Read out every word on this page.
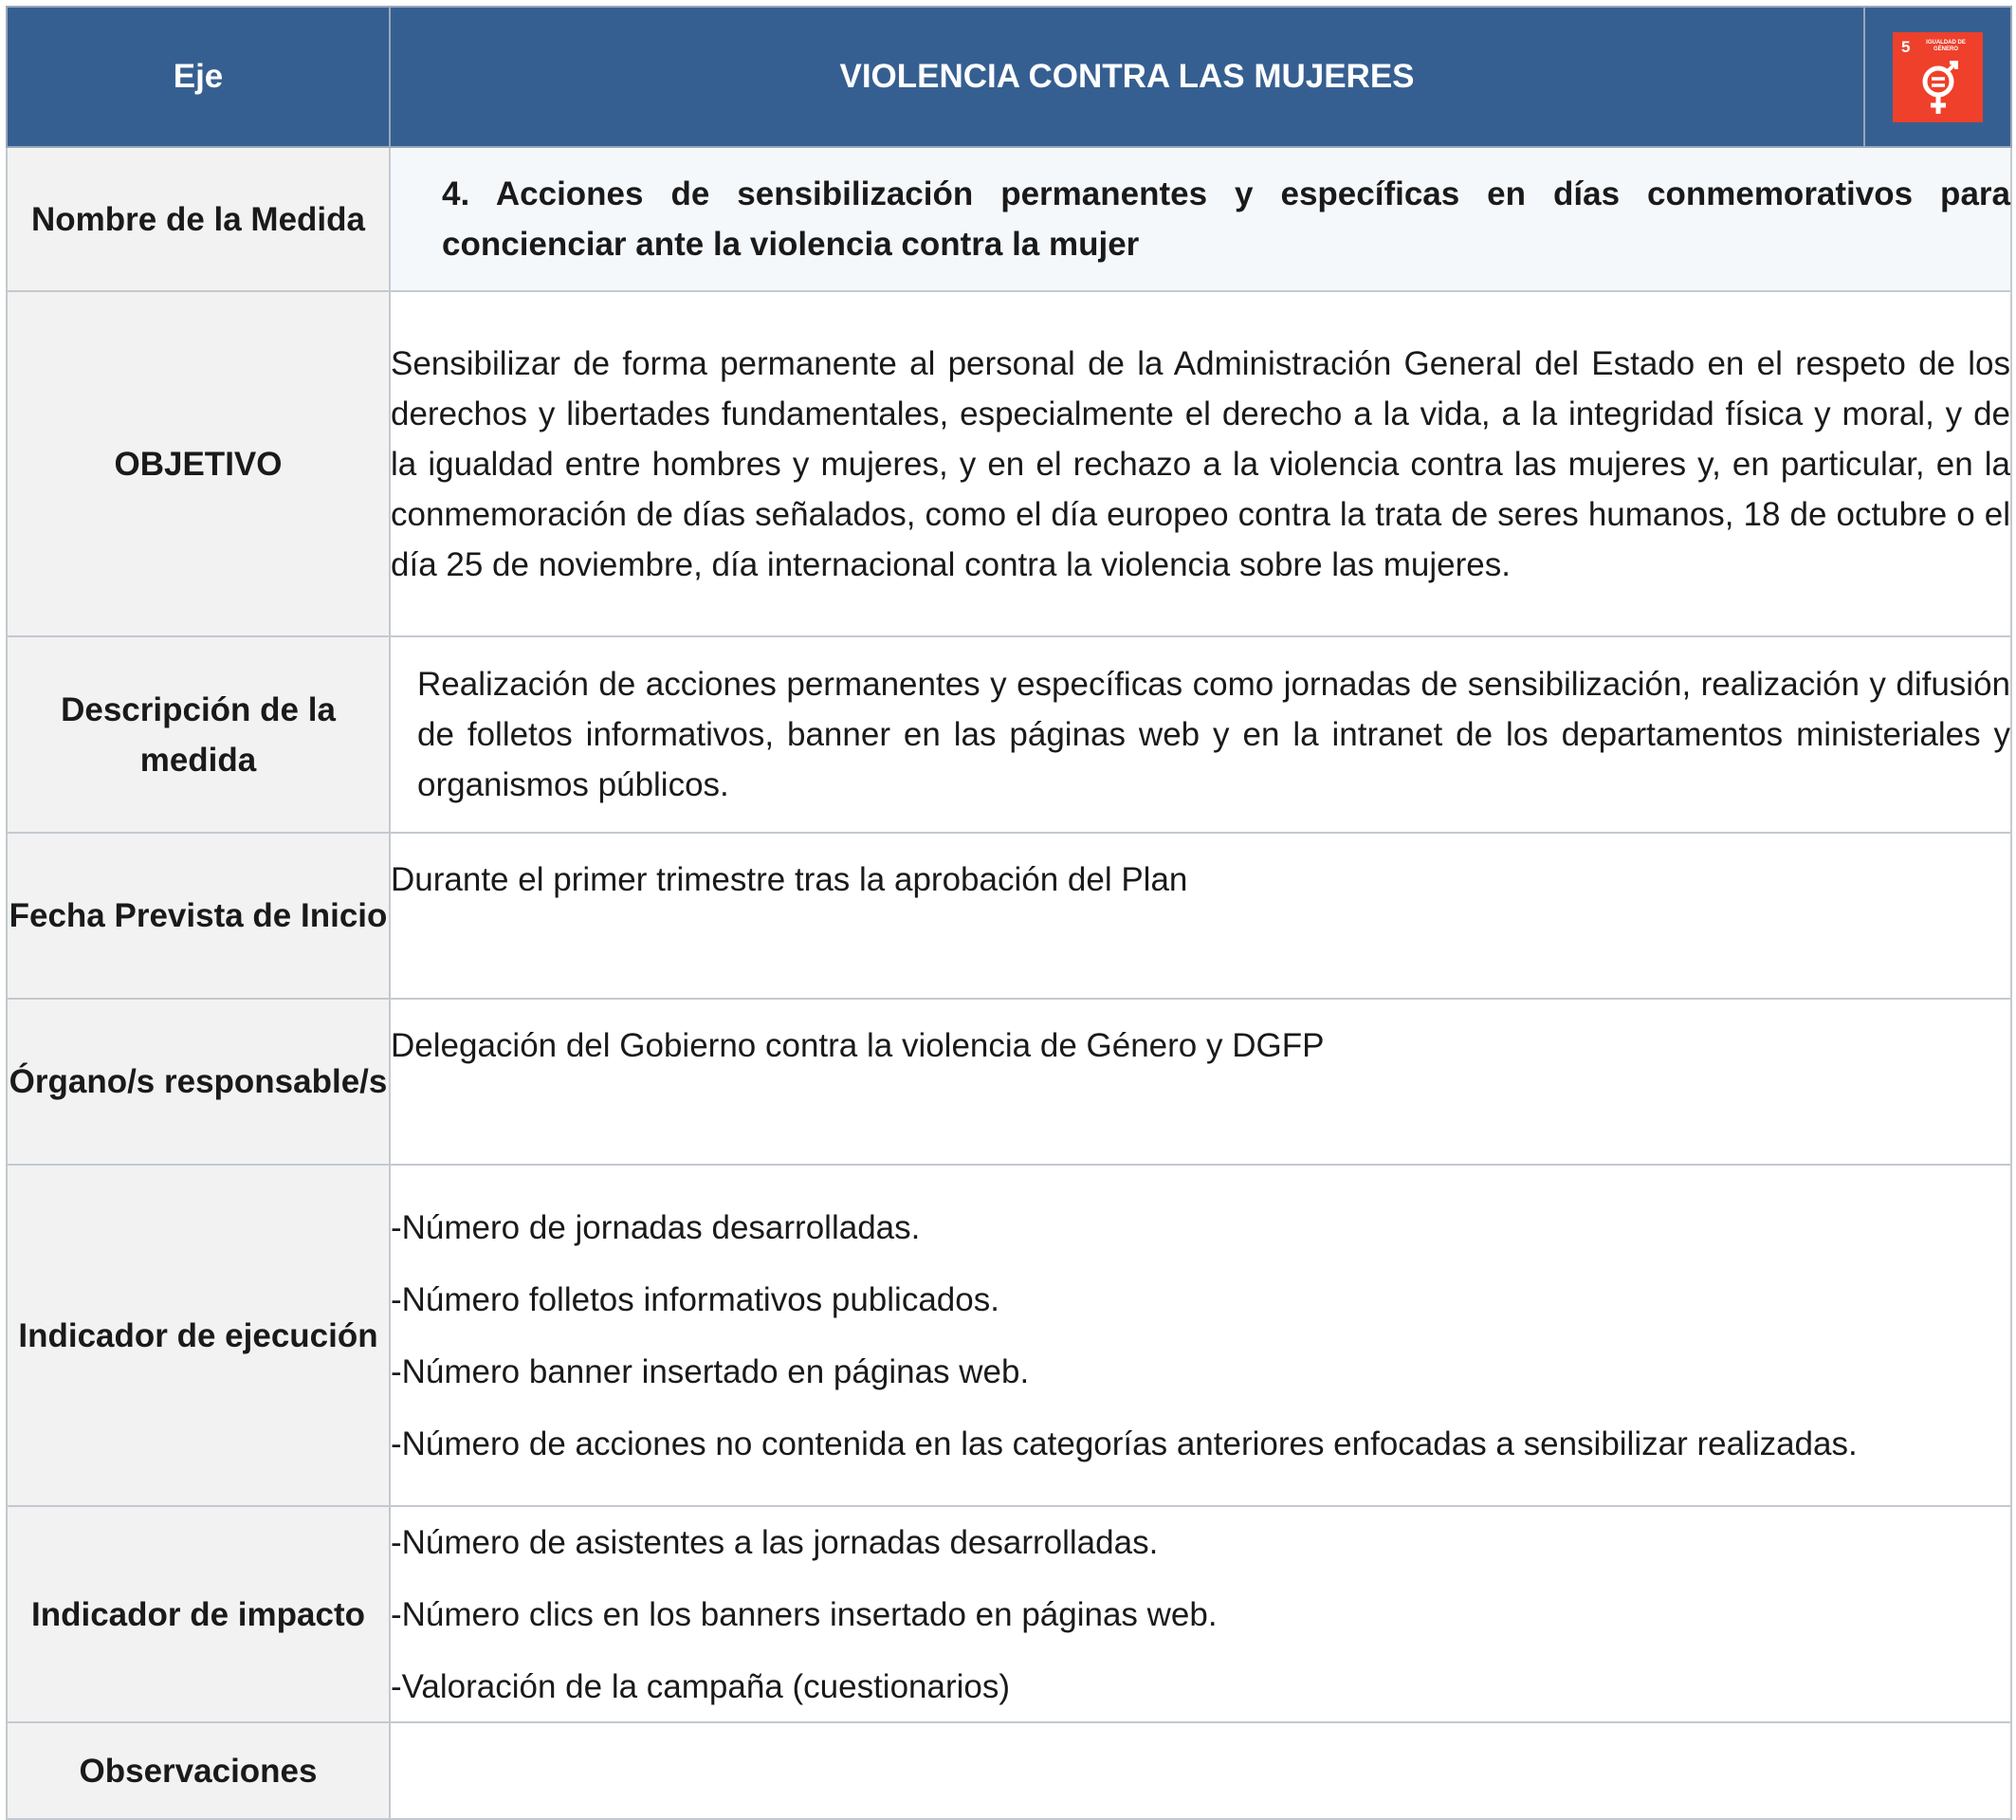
Eje	VIOLENCIA CONTRA LAS MUJERES	5 IGUALDAD DE GÉNERO

Nombre de la Medida	4. Acciones de sensibilización permanentes y específicas en días conmemorativos para concienciar ante la violencia contra la mujer	
OBJETIVO	Sensibilizar de forma permanente al personal de la Administración General del Estado en el respeto de los derechos y libertades fundamentales, especialmente el derecho a la vida, a la integridad física y moral, y de la igualdad entre hombres y mujeres, y en el rechazo a la violencia contra las mujeres y, en particular, en la conmemoración de días señalados, como el día europeo contra la trata de seres humanos, 18 de octubre o el día 25 de noviembre, día internacional contra la violencia sobre las mujeres.	
Descripción de la medida	Realización de acciones permanentes y específicas como jornadas de sensibilización, realización y difusión de folletos informativos, banner en las páginas web y en la intranet de los departamentos ministeriales y organismos públicos.	
Fecha Prevista de Inicio	Durante el primer trimestre tras la aprobación del Plan	
Órgano/s responsable/s	Delegación del Gobierno contra la violencia de Género y DGFP	
Indicador de ejecución	-Número de jornadas desarrolladas.

-Número folletos informativos publicados.

-Número banner insertado en páginas web.

-Número de acciones no contenida en las categorías anteriores enfocadas a sensibilizar realizadas.	

Indicador de impacto	-Número de asistentes a las jornadas desarrolladas.

-Número clics en los banners insertado en páginas web.

-Valoración de la campaña (cuestionarios)	

Observaciones		
